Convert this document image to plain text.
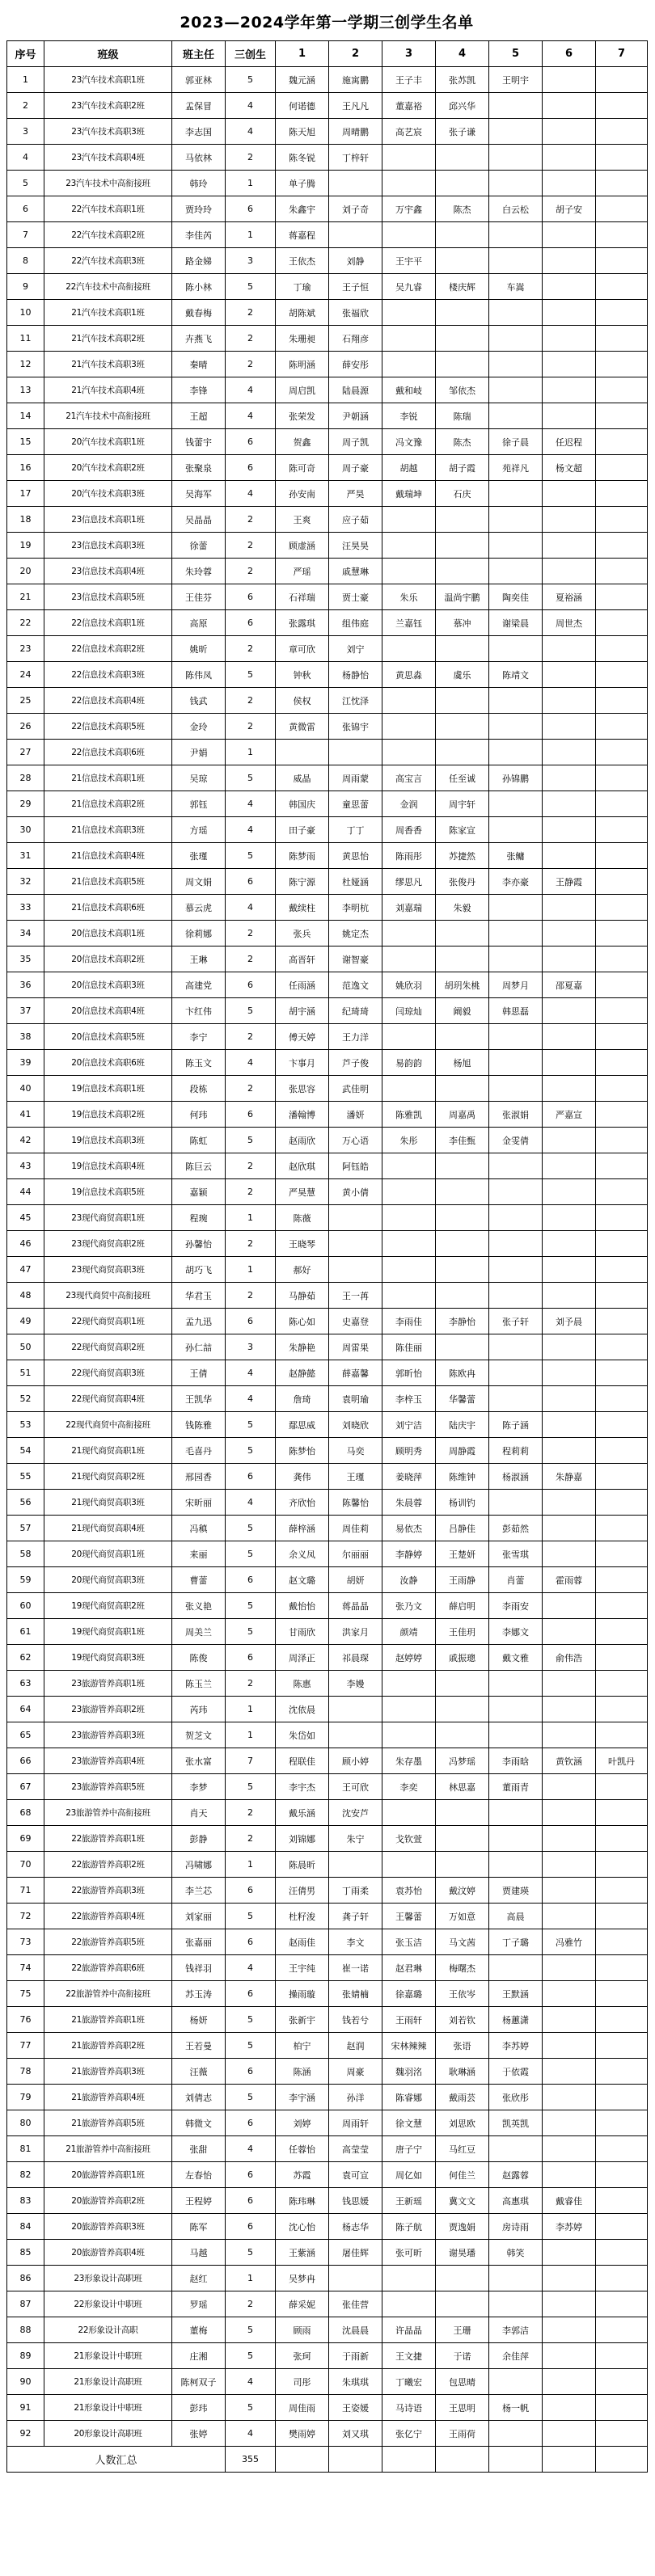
2023—2024学年第一学期三创学生名单
序号	班级	班主任	三创生	1	2	3	4	5	6	7
1	23汽车技术高职1班	郭亚林	5	魏元涵	施寓鹏	王子丰	张苏凯	王明宇		
2	23汽车技术高职2班	孟保冒	4	何诺德	王凡凡	董嘉裕	邱兴华			
3	23汽车技术高职3班	李志国	4	陈天旭	周晴鹏	高艺宸	张子谦			
4	23汽车技术高职4班	马依林	2	陈冬锐	丁梓轩					
5	23汽车技术中高衔接班	韩玲	1	单子腾						
6	22汽车技术高职1班	贾玲玲	6	朱鑫宇	刘子奇	万宇鑫	陈杰	白云松	胡子安	
7	22汽车技术高职2班	李佳芮	1	蒋嘉程						
8	22汽车技术高职3班	路金娣	3	王依杰	刘静	王宇平				
9	22汽车技术中高衔接班	陈小林	5	丁瑜	王子恒	吴九睿	楼庆辉	车嵩		
10	21汽车技术高职1班	戴春梅	2	胡陈斌	张福欣					
11	21汽车技术高职2班	卉燕飞	2	朱珊昶	石翔彦					
12	21汽车技术高职3班	秦晴	2	陈明涵	薛安彤					
13	21汽车技术高职4班	李锋	4	周启凯	陆晨源	戴和岐	邹依杰			
14	21汽车技术中高衔接班	王超	4	张荣发	尹朝涵	李锐	陈瑞			
15	20汽车技术高职1班	钱蕾宇	6	贺鑫	周子凯	冯文豫	陈杰	徐子晨	任迟程	
16	20汽车技术高职2班	张聚泉	6	陈可奇	周子豪	胡越	胡子霞	苑祥凡	杨文超	
17	20汽车技术高职3班	吴海军	4	孙安南	严昊	戴瑞坤	石庆			
18	23信息技术高职1班	吴晶晶	2	王爽	应子茹					
19	23信息技术高职3班	徐蕾	2	顾虚涵	汪昊昊					
20	23信息技术高职4班	朱玲蓉	2	严瑶	戚慧琳					
21	23信息技术高职5班	王佳芬	6	石祥瑞	贾士豪	朱乐	温尚宇鹏	陶奕佳	夏裕涵	
22	22信息技术高职1班	高原	6	张露琪	组伟庭	兰嘉钰	慕冲	谢梁晨	周世杰	
23	22信息技术高职2班	姚昕	2	章可欣	刘宁					
24	22信息技术高职3班	陈伟凤	5	钟秋	杨静怡	黄思淼	虞乐	陈靖文		
25	22信息技术高职4班	钱武	2	侯权	江忱泽					
26	22信息技术高职5班	金玲	2	黄微雷	张锦宇					
27	22信息技术高职6班	尹娟	1							
28	21信息技术高职1班	吴琼	5	威晶	周雨蒙	高宝言	任至诚	孙锦鹏		
29	21信息技术高职2班	郭钰	4	韩国庆	童思蕾	金润	周宇轩			
30	21信息技术高职3班	方瑶	4	田子豪	丁丁	周香香	陈家宣			
31	21信息技术高职4班	张瑾	5	陈梦雨	黄思怡	陈雨彤	苏捷然	张鳙		
32	21信息技术高职5班	周文娟	6	陈宁源	杜娅涵	缪思凡	张俊丹	李亦豪	王静霞	
33	21信息技术高职6班	慕云虎	4	戴续柱	李明杭	刘嘉瑞	朱毅			
34	20信息技术高职1班	徐莉娜	2	张兵	姚定杰					
35	20信息技术高职2班	王琳	2	高晋轩	谢智豪					
36	20信息技术高职3班	高建党	6	任雨涵	范逸文	姚欣羽	胡玥朱桃	周梦月	邵夏嘉	
37	20信息技术高职4班	卞红伟	5	胡宇涵	纪琦琦	闫琼灿	阚毅	韩思磊		
38	20信息技术高职5班	李宁	2	傅天婷	王力洋					
39	20信息技术高职6班	陈玉文	4	卞事月	芦子俊	易韵韵	杨旭			
40	19信息技术高职1班	段栋	2	张思容	武佳明					
41	19信息技术高职2班	何玮	6	潘翰博	潘妍	陈雅凯	周嘉禹	张淑娟	严嘉宣	
42	19信息技术高职3班	陈虹	5	赵雨欣	万心语	朱彤	李佳甄	金雯倩		
43	19信息技术高职4班	陈巨云	2	赵欣琪	阿钰皓					
44	19信息技术高职5班	嘉颖	2	严昊慧	黄小倩					
45	23现代商贸高职1班	程琬	1	陈薇						
46	23现代商贸高职2班	孙馨怡	2	王晓琴						
47	23现代商贸高职3班	胡巧飞	1	郝好						
48	23现代商贸中高衔接班	华君玉	2	马静茹	王一苒					
49	22现代商贸高职1班	孟九迅	6	陈心如	史嘉登	李雨佳	李静怡	张子轩	刘予晨	
50	22现代商贸高职2班	孙仁喆	3	朱静艳	周雷果	陈佳丽				
51	22现代商贸高职3班	王倩	4	赵静懿	薛嘉馨	郭昕怡	陈欧冉			
52	22现代商贸高职4班	王凯华	4	詹琦	袁明瑜	李梓玉	华馨蕾			
53	22现代商贸中高衔接班	钱陈雅	5	鄢思威	刘晓欣	刘宁洁	陆庆宇	陈子涵		
54	21现代商贸高职1班	毛喜丹	5	陈梦怡	马奕	顾明秀	周静霞	程莉莉		
55	21现代商贸高职2班	邢园香	6	龚伟	王瑾	姜晓萍	陈维钟	杨淑涵	朱静嘉	
56	21现代商贸高职3班	宋昕丽	4	齐欣怡	陈馨怡	朱晨蓉	杨训钓			
57	21现代商贸高职4班	冯稹	5	薛梓涵	周佳莉	易依杰	吕静佳	彭茹然		
58	20现代商贸高职1班	来丽	5	余义凤	尔丽丽	李静婷	王楚妍	张雪琪		
59	20现代商贸高职3班	曹蕾	6	赵文璐	胡妍	汝静	王雨静	肖蕾	霍雨蓉	
60	19现代商贸高职2班	张义艳	5	戴怡怡	蒋晶晶	张乃文	薛启明	李雨安		
61	19现代商贸高职1班	周美兰	5	甘雨欣	洪家月	颜靖	王佳玥	李娜文		
62	19现代商贸高职3班	陈俊	6	周泽正	祁晨琛	赵婷婷	戚振璁	戴文雅	俞伟浩	
63	23旅游管养高职1班	陈玉兰	2	陈惠	李嫚					
64	23旅游管养高职2班	芮玮	1	沈依晨						
65	23旅游管养高职3班	贺芝文	1	朱岱如						
66	23旅游管养高职4班	张水富	7	程联佳	顾小婷	朱存墨	冯梦瑶	李雨晗	黄钦涵	叶凯丹
67	23旅游管养高职5班	李梦	5	李宇杰	王可欣	李奕	林思嘉	董雨青		
68	23旅游管养中高衔接班	肖天	2	戴乐涵	沈安芦					
69	22旅游管养高职1班	彭静	2	刘锦娜	朱宁	戈钦萱				
70	22旅游管养高职2班	冯啸娜	1	陈晨昕						
71	22旅游管养高职3班	李兰芯	6	汪倩男	丁雨柔	袁苏怡	戴汶婷	贾建瑛		
72	22旅游管养高职4班	刘家丽	5	杜籽浚	龚子轩	王馨蕾	万如意	高晨		
73	22旅游管养高职5班	张嘉丽	6	赵雨佳	李文	张玉洁	马文茜	丁子璐	冯雅竹	
74	22旅游管养高职6班	钱祥羽	4	王宇纯	崔一诺	赵君琳	梅曙杰			
75	22旅游管养中高衔接班	苏玉涛	6	操雨璇	张婧楠	徐嘉璐	王依岑	王默涵		
76	21旅游管养高职1班	杨妍	5	张新宇	钱若兮	王雨轩	刘若钦	杨蕙潇		
77	21旅游管养高职2班	王若曼	5	柏宁	赵润	宋林辣辣	张语	李苏婷		
78	21旅游管养高职3班	汪薇	6	陈涵	周豪	魏羽洺	耿琳涵	于依霞		
79	21旅游管养高职4班	刘倩志	5	李宇涵	孙洋	陈睿娜	戴雨芸	张欣彤		
80	21旅游管养高职5班	韩微文	6	刘婷	周雨轩	徐文慧	刘思欧	凯英凯		
81	21旅游管养中高衔接班	张甜	4	任蓉怡	高莹莹	唐子宁	马红豆			
82	20旅游管养高职1班	左春怡	6	苏霞	袁可宣	周亿如	何佳兰	赵露蓉		
83	20旅游管养高职2班	王程婷	6	陈玮琳	钱思媛	王新瑶	冀文文	高惠琪	戴睿佳	
84	20旅游管养高职3班	陈军	6	沈心怡	杨志华	陈子航	贾逸娟	房诗雨	李苏婷	
85	20旅游管养高职4班	马越	5	王紫涵	屠佳辉	张可昕	谢昊璠	韩笑		
86	23形象设计高职班	赵红	1	吴梦冉						
87	22形象设计中职班	罗瑶	2	薛采妮	张佳营					
88	22形象设计高职	董梅	5	顾雨	沈晨晨	许晶晶	王珊	李郭洁		
89	21形象设计中职班	庄湘	5	张珂	于雨新	王文捷	于诺	余佳萍		
90	21形象设计高职班	陈柯双子	4	司彤	朱琪琪	丁曦宏	包思晴			
91	21形象设计中职班	彭玮	5	周佳雨	王姿媛	马诗语	王思明	杨一帆		
92	20形象设计高职班	张婷	4	樊雨婷	刘又琪	张亿宁	王雨荷			
人数汇总			355							
